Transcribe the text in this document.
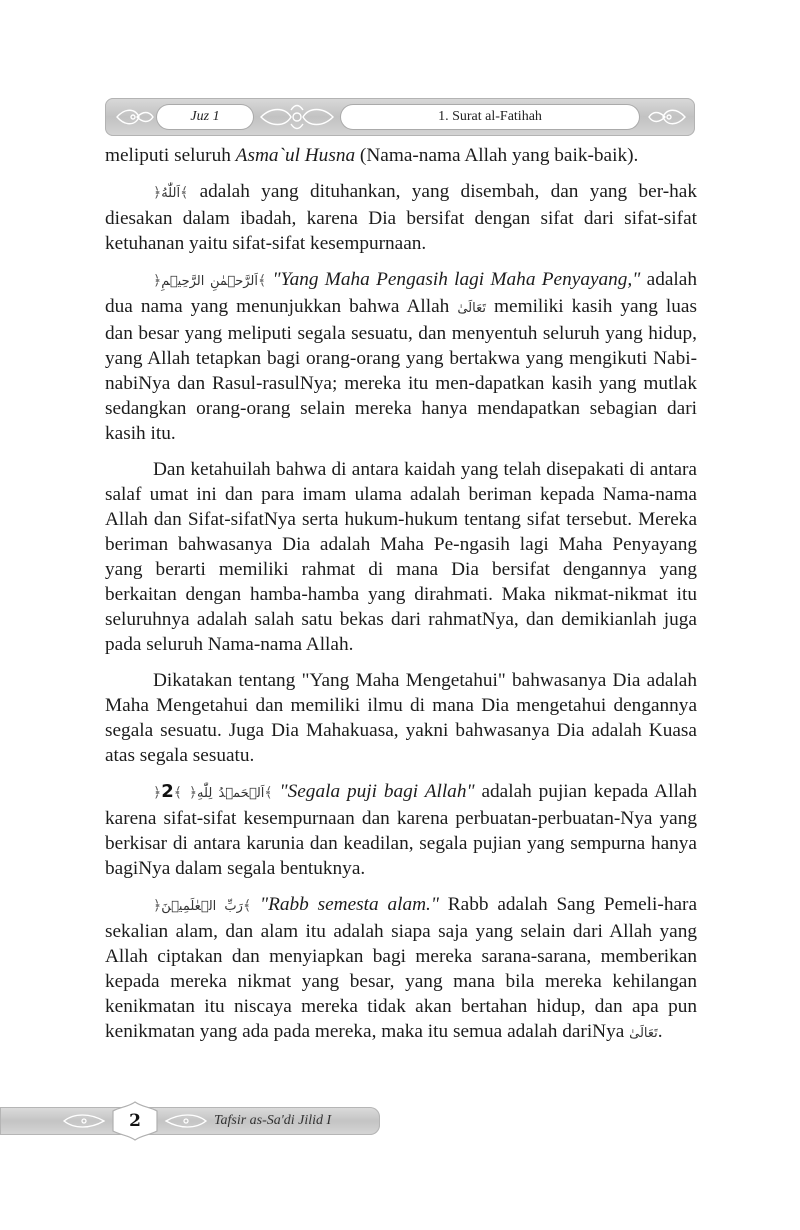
Juz 1	1. Surat al-Fatihah

meliputi seluruh Asma`ul Husna (Nama-nama Allah yang baik-baik).

﴿اَللّٰهُ﴾ adalah yang dituhankan, yang disembah, dan yang ber-hak diesakan dalam ibadah, karena Dia bersifat dengan sifat dari sifat-sifat ketuhanan yaitu sifat-sifat kesempurnaan.

﴿اَلرَّحۡمٰنِ الرَّحِيۡمِ﴾ "Yang Maha Pengasih lagi Maha Penyayang," adalah dua nama yang menunjukkan bahwa Allah تَعَالَىٰ memiliki kasih yang luas dan besar yang meliputi segala sesuatu, dan menyentuh seluruh yang hidup, yang Allah tetapkan bagi orang-orang yang bertakwa yang mengikuti Nabi-nabiNya dan Rasul-rasulNya; mereka itu men-dapatkan kasih yang mutlak sedangkan orang-orang selain mereka hanya mendapatkan sebagian dari kasih itu.

Dan ketahuilah bahwa di antara kaidah yang telah disepakati di antara salaf umat ini dan para imam ulama adalah beriman kepada Nama-nama Allah dan Sifat-sifatNya serta hukum-hukum tentang sifat tersebut. Mereka beriman bahwasanya Dia adalah Maha Pe-ngasih lagi Maha Penyayang yang berarti memiliki rahmat di mana Dia bersifat dengannya yang berkaitan dengan hamba-hamba yang dirahmati. Maka nikmat-nikmat itu seluruhnya adalah salah satu bekas dari rahmatNya, dan demikianlah juga pada seluruh Nama-nama Allah.

Dikatakan tentang "Yang Maha Mengetahui" bahwasanya Dia adalah Maha Mengetahui dan memiliki ilmu di mana Dia mengetahui dengannya segala sesuatu. Juga Dia Mahakuasa, yakni bahwasanya Dia adalah Kuasa atas segala sesuatu.

﴿2﴾ ﴿اَلۡحَمۡدُ لِلّٰهِ﴾ "Segala puji bagi Allah" adalah pujian kepada Allah karena sifat-sifat kesempurnaan dan karena perbuatan-perbuatan-Nya yang berkisar di antara karunia dan keadilan, segala pujian yang sempurna hanya bagiNya dalam segala bentuknya.

﴿رَبِّ الۡعٰلَمِيۡنَ﴾ "Rabb semesta alam." Rabb adalah Sang Pemeli-hara sekalian alam, dan alam itu adalah siapa saja yang selain dari Allah yang Allah ciptakan dan menyiapkan bagi mereka sarana-sarana, memberikan kepada mereka nikmat yang besar, yang mana bila mereka kehilangan kenikmatan itu niscaya mereka tidak akan bertahan hidup, dan apa pun kenikmatan yang ada pada mereka, maka itu semua adalah dariNya تَعَالَىٰ.

Tafsir as-Sa'di Jilid I
2
